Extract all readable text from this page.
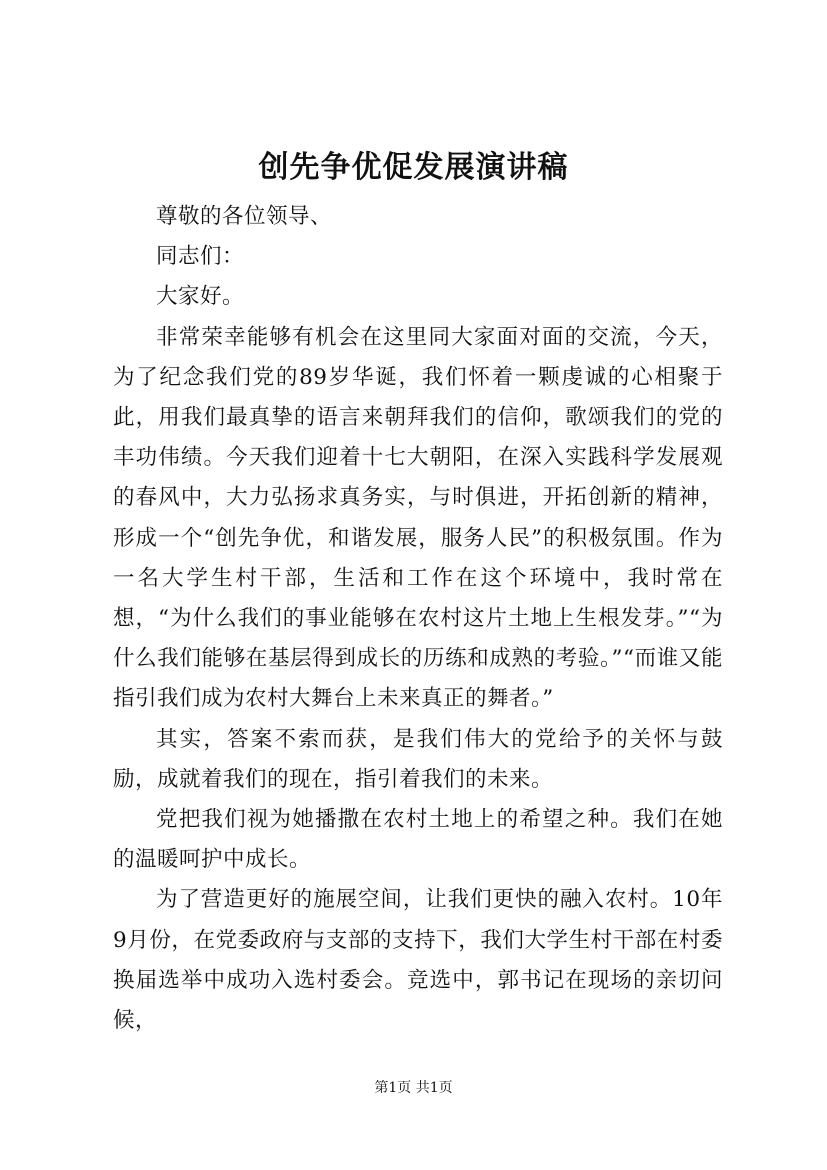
创先争优促发展演讲稿

尊敬的各位领导、

同志们：

大家好。

非常荣幸能够有机会在这里同大家面对面的交流，今天，为了纪念我们党的89岁华诞，我们怀着一颗虔诚的心相聚于此，用我们最真挚的语言来朝拜我们的信仰，歌颂我们的党的丰功伟绩。今天我们迎着十七大朝阳，在深入实践科学发展观的春风中，大力弘扬求真务实，与时俱进，开拓创新的精神，形成一个“创先争优，和谐发展，服务人民”的积极氛围。作为一名大学生村干部，生活和工作在这个环境中，我时常在想，“为什么我们的事业能够在农村这片土地上生根发芽。”“为什么我们能够在基层得到成长的历练和成熟的考验。”“而谁又能指引我们成为农村大舞台上未来真正的舞者。”

其实，答案不索而获，是我们伟大的党给予的关怀与鼓励，成就着我们的现在，指引着我们的未来。

党把我们视为她播撒在农村土地上的希望之种。我们在她的温暖呵护中成长。

为了营造更好的施展空间，让我们更快的融入农村。10年9月份，在党委政府与支部的支持下，我们大学生村干部在村委换届选举中成功入选村委会。竞选中，郭书记在现场的亲切问候，

第1页 共1页
